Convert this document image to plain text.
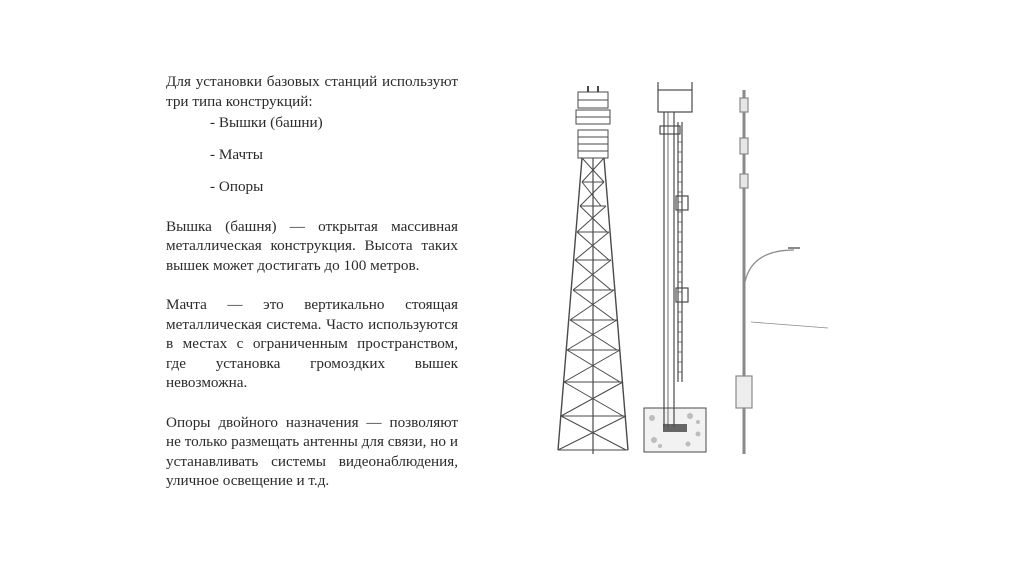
Для установки базовых станций используют три типа конструкций:

- Вышки (башни)
- Мачты
- Опоры

Вышка (башня) — открытая массивная металлическая конструкция. Высота таких вышек может достигать до 100 метров.

Мачта — это вертикально стоящая металлическая система. Часто используются в местах с ограниченным пространством, где установка громоздких вышек невозможна.

Опоры двойного назначения — позволяют не только размещать антенны для связи, но и устанавливать системы видеонаблюдения, уличное освещение и т.д.
